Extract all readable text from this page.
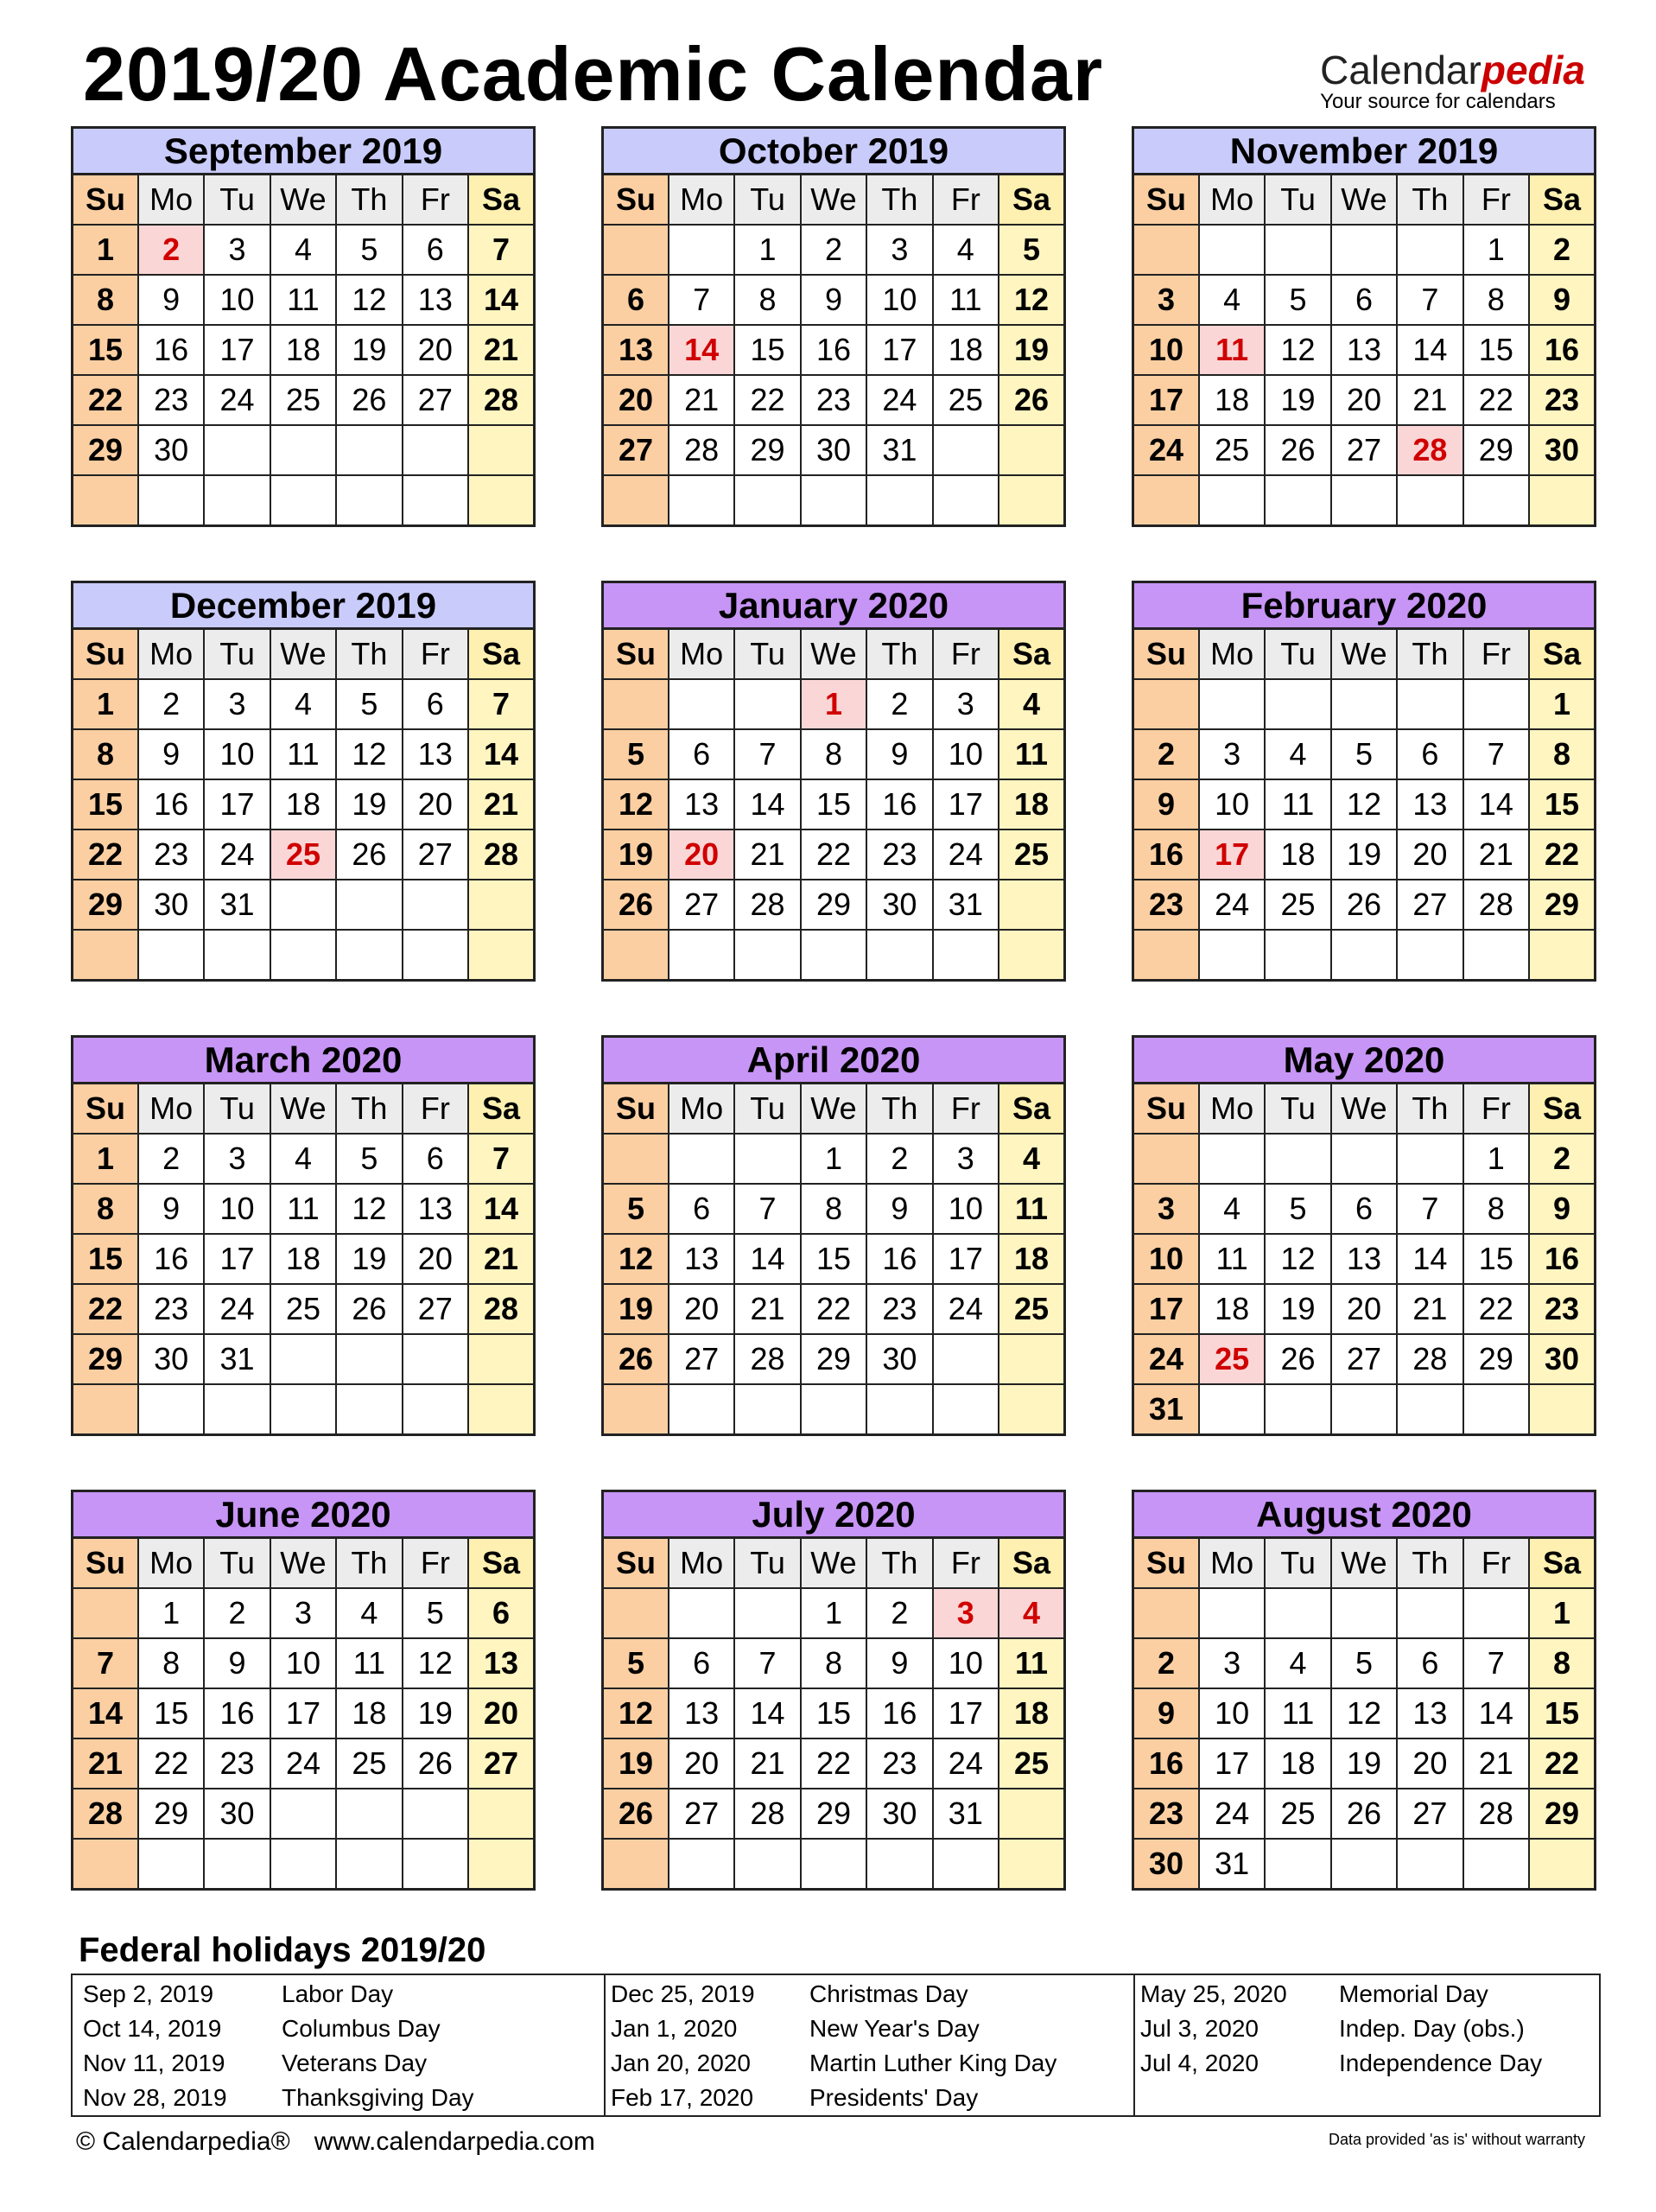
2019/20 Academic Calendar	Calendarpedia
Your source for calendars
September 2019
Su	Mo	Tu	We	Th	Fr	Sa
1	2	3	4	5	6	7
8	9	10	11	12	13	14
15	16	17	18	19	20	21
22	23	24	25	26	27	28
29	30					

October 2019
Su	Mo	Tu	We	Th	Fr	Sa
		1	2	3	4	5
6	7	8	9	10	11	12
13	14	15	16	17	18	19
20	21	22	23	24	25	26
27	28	29	30	31		

November 2019
Su	Mo	Tu	We	Th	Fr	Sa
					1	2
3	4	5	6	7	8	9
10	11	12	13	14	15	16
17	18	19	20	21	22	23
24	25	26	27	28	29	30

December 2019
Su	Mo	Tu	We	Th	Fr	Sa
1	2	3	4	5	6	7
8	9	10	11	12	13	14
15	16	17	18	19	20	21
22	23	24	25	26	27	28
29	30	31				

January 2020
Su	Mo	Tu	We	Th	Fr	Sa
			1	2	3	4
5	6	7	8	9	10	11
12	13	14	15	16	17	18
19	20	21	22	23	24	25
26	27	28	29	30	31	

February 2020
Su	Mo	Tu	We	Th	Fr	Sa
						1
2	3	4	5	6	7	8
9	10	11	12	13	14	15
16	17	18	19	20	21	22
23	24	25	26	27	28	29

March 2020
Su	Mo	Tu	We	Th	Fr	Sa
1	2	3	4	5	6	7
8	9	10	11	12	13	14
15	16	17	18	19	20	21
22	23	24	25	26	27	28
29	30	31				

April 2020
Su	Mo	Tu	We	Th	Fr	Sa
			1	2	3	4
5	6	7	8	9	10	11
12	13	14	15	16	17	18
19	20	21	22	23	24	25
26	27	28	29	30		

May 2020
Su	Mo	Tu	We	Th	Fr	Sa
					1	2
3	4	5	6	7	8	9
10	11	12	13	14	15	16
17	18	19	20	21	22	23
24	25	26	27	28	29	30
31						
June 2020
Su	Mo	Tu	We	Th	Fr	Sa
	1	2	3	4	5	6
7	8	9	10	11	12	13
14	15	16	17	18	19	20
21	22	23	24	25	26	27
28	29	30				

July 2020
Su	Mo	Tu	We	Th	Fr	Sa
			1	2	3	4
5	6	7	8	9	10	11
12	13	14	15	16	17	18
19	20	21	22	23	24	25
26	27	28	29	30	31	

August 2020
Su	Mo	Tu	We	Th	Fr	Sa
						1
2	3	4	5	6	7	8
9	10	11	12	13	14	15
16	17	18	19	20	21	22
23	24	25	26	27	28	29
30	31					
Federal holidays 2019/20
Sep 2, 2019	Labor Day
Oct 14, 2019	Columbus Day
Nov 11, 2019	Veterans Day
Nov 28, 2019	Thanksgiving Day
Dec 25, 2019	Christmas Day
Jan 1, 2020	New Year's Day
Jan 20, 2020	Martin Luther King Day
Feb 17, 2020	Presidents' Day
May 25, 2020	Memorial Day
Jul 3, 2020	Indep. Day (obs.)
Jul 4, 2020	Independence Day
© Calendarpedia® www.calendarpedia.com	Data provided 'as is' without warranty
